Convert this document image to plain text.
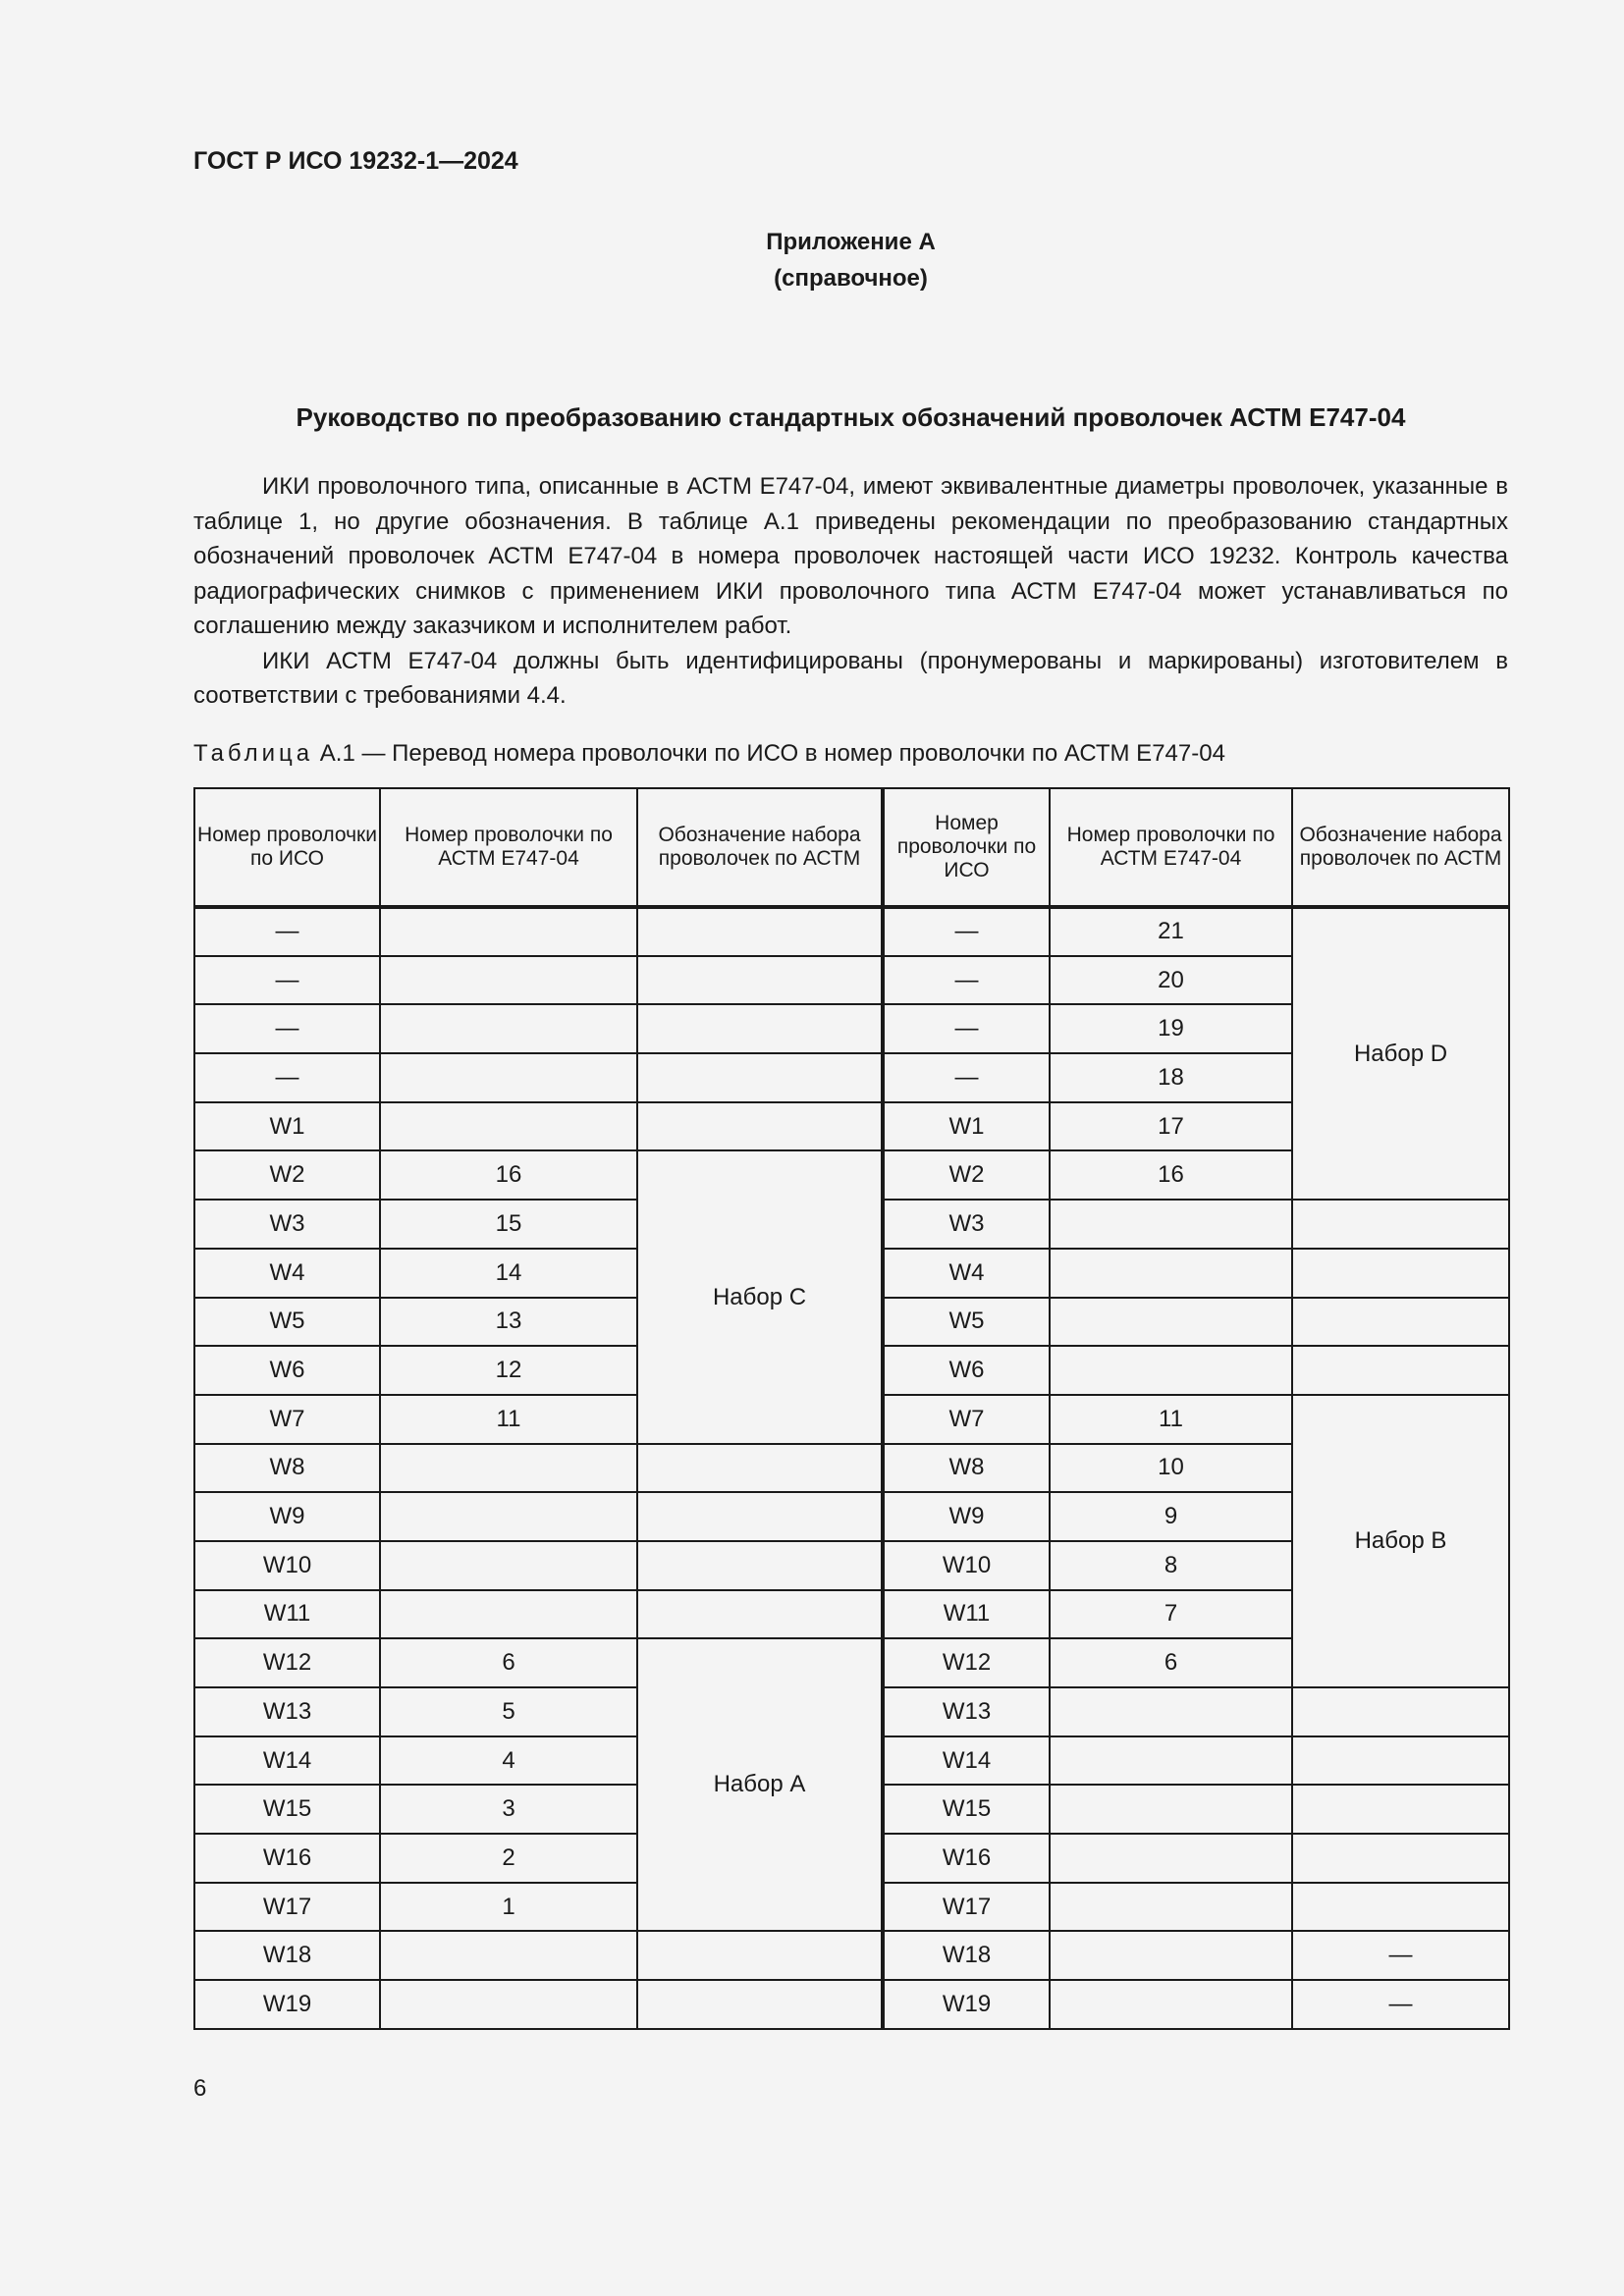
ГОСТ Р ИСО 19232-1—2024
Приложение А
(справочное)
Руководство по преобразованию стандартных обозначений проволочек АСТМ Е747-04

ИКИ проволочного типа, описанные в АСТМ Е747-04, имеют эквивалентные диаметры проволочек, указанные в таблице 1, но другие обозначения. В таблице А.1 приведены рекомендации по преобразованию стандартных обозначений проволочек АСТМ Е747-04 в номера проволочек настоящей части ИСО 19232. Контроль качества радиографических снимков с применением ИКИ проволочного типа АСТМ Е747-04 может устанавливаться по соглашению между заказчиком и исполнителем работ.

ИКИ АСТМ Е747-04 должны быть идентифицированы (пронумерованы и маркированы) изготовителем в соответствии с требованиями 4.4.

Таблица А.1 — Перевод номера проволочки по ИСО в номер проволочки по АСТМ Е747-04
Номер проволочки по ИСО	Номер проволочки по АСТМ Е747-04	Обозначение набора проволочек по АСТМ	Номер проволочки по ИСО	Номер проволочки по АСТМ Е747-04	Обозначение набора проволочек по АСТМ
—			—	21	Набор D
—			—	20	
—			—	19	
—			—	18	
W1			W1	17	
W2	16	Набор С	W2	16	
W3	15		W3		
W4	14		W4		
W5	13		W5		
W6	12		W6		
W7	11		W7	11	Набор В
W8			W8	10	
W9			W9	9	
W10			W10	8	
W11			W11	7	
W12	6	Набор А	W12	6	
W13	5		W13		
W14	4		W14		
W15	3		W15		
W16	2		W16		
W17	1		W17		
W18			W18		—
W19			W19		—
6
